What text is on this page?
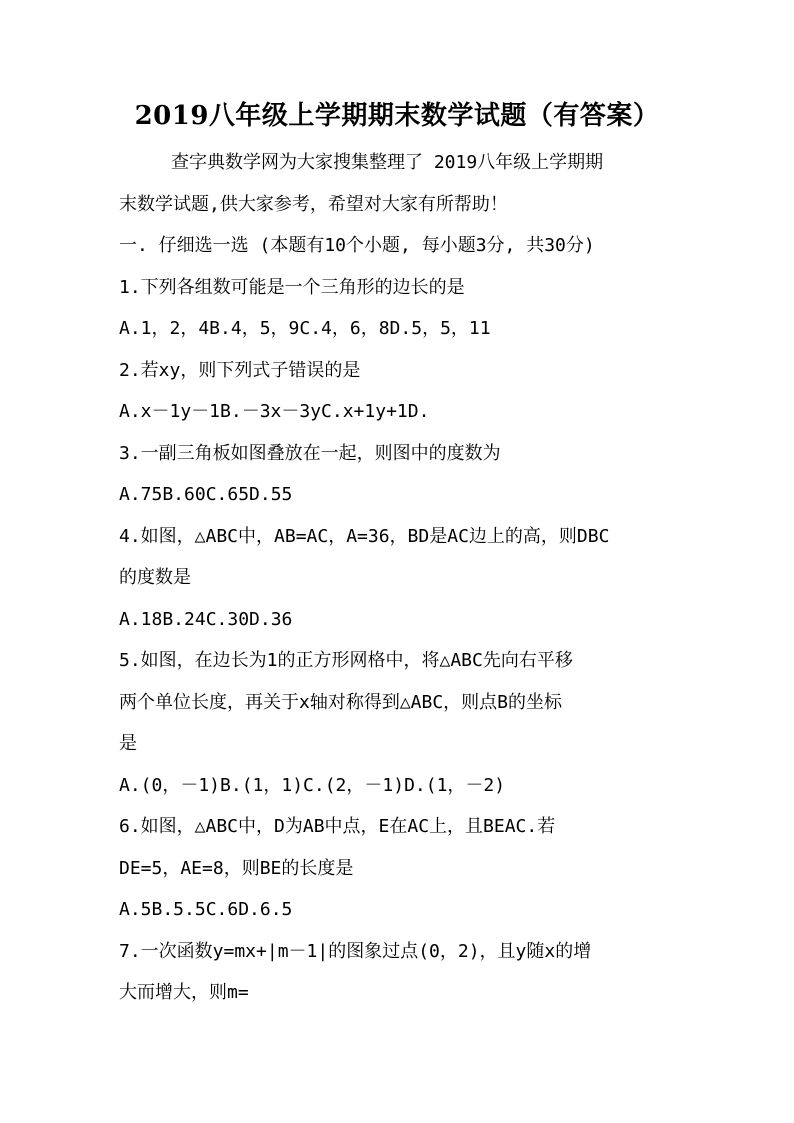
2019八年级上学期期末数学试题（有答案）
查字典数学网为大家搜集整理了 2019八年级上学期期
末数学试题,供大家参考，希望对大家有所帮助！
一. 仔细选一选 (本题有10个小题, 每小题3分, 共30分)
1.下列各组数可能是一个三角形的边长的是
A.1，2，4B.4，5，9C.4，6，8D.5，5，11
2.若xy，则下列式子错误的是
A.x－1y－1B.－3x－3yC.x+1y+1D.
3.一副三角板如图叠放在一起，则图中的度数为
A.75B.60C.65D.55
4.如图，△ABC中，AB=AC，A=36，BD是AC边上的高，则DBC
的度数是
A.18B.24C.30D.36
5.如图，在边长为1的正方形网格中，将△ABC先向右平移
两个单位长度，再关于x轴对称得到△ABC，则点B的坐标
是
A.(0，－1)B.(1，1)C.(2，－1)D.(1，－2)
6.如图，△ABC中，D为AB中点，E在AC上，且BEAC.若
DE=5，AE=8，则BE的长度是
A.5B.5.5C.6D.6.5
7.一次函数y=mx+|m－1|的图象过点(0，2)，且y随x的增
大而增大，则m=
